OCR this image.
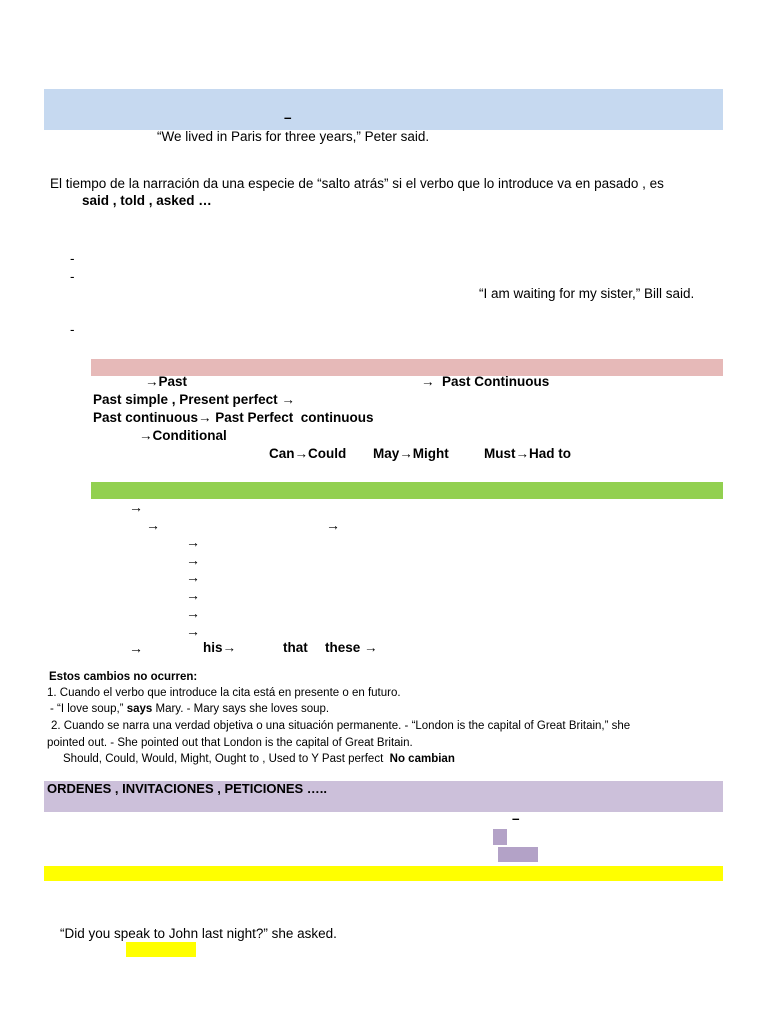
–
“We lived in Paris for three years,” Peter said.
El tiempo de la narración da una especie de “salto atrás” si el verbo que lo introduce va en pasado , es
said , told , asked …
-
-
“I am waiting for my sister,” Bill said.
-
→Past	→  Past Continuous
Past simple , Present perfect →
Past continuous→ Past Perfect  continuous
→Conditional
Can→Could May→Might	Must→Had to
→
→	→
→
→
→
→
→
→
→	his→	that these →
Estos cambios no ocurren:
1. Cuando el verbo que introduce la cita está en presente o en futuro.
- “I love soup,” says Mary. - Mary says she loves soup.
2. Cuando se narra una verdad objetiva o una situación permanente. - “London is the capital of Great Britain,” she
pointed out. - She pointed out that London is the capital of Great Britain.
Should, Could, Would, Might, Ought to , Used to Y Past perfect  No cambian
ORDENES , INVITACIONES , PETICIONES …..
–
“Did you speak to John last night?” she asked.
